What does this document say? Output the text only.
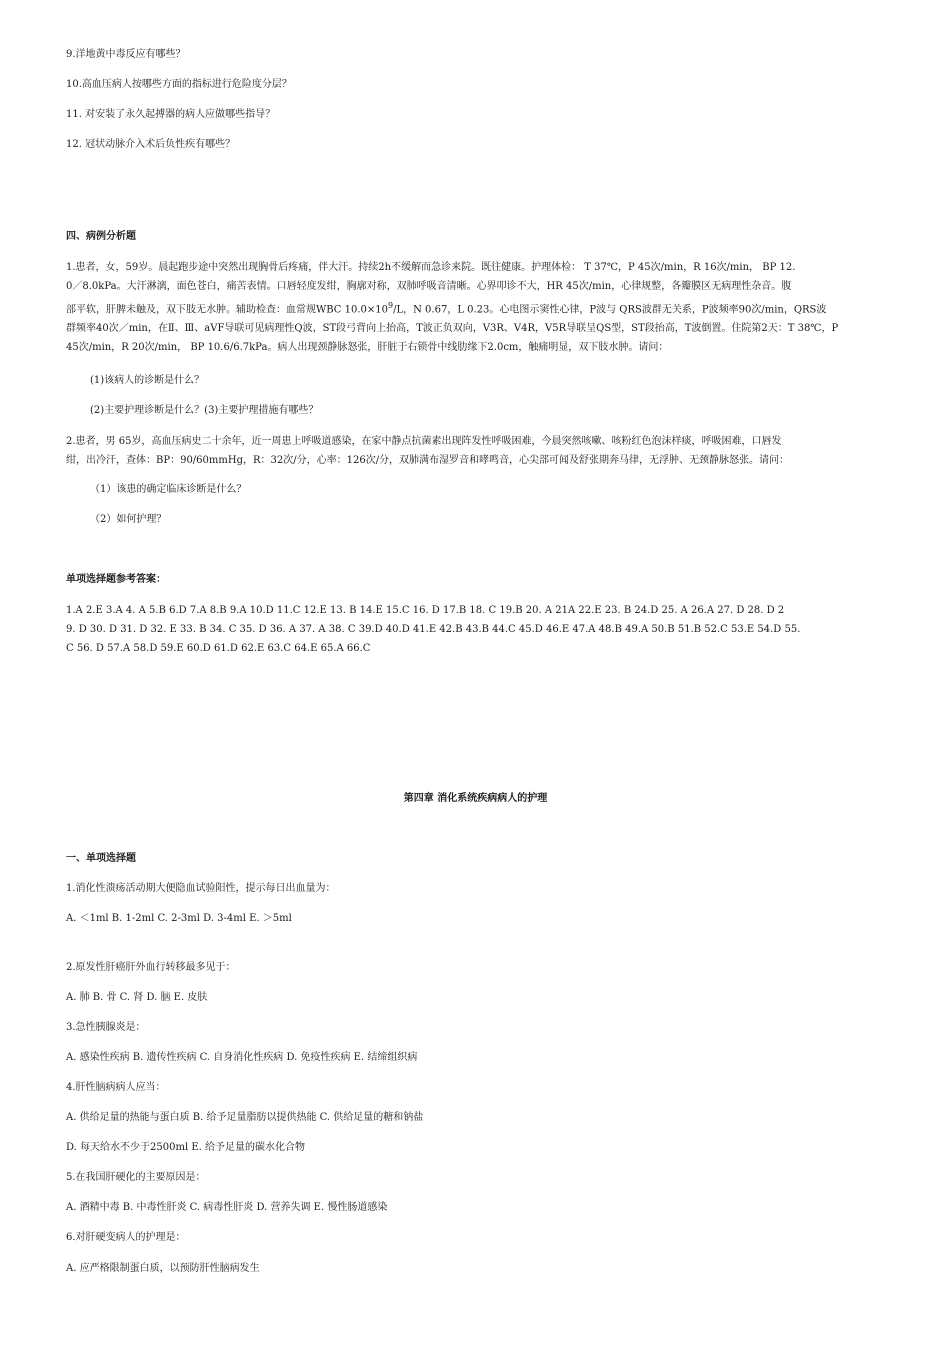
9.洋地黄中毒反应有哪些？
10.高血压病人按哪些方面的指标进行危险度分层？
11. 对安装了永久起搏器的病人应做哪些指导？
12. 冠状动脉介入术后负性疾有哪些？
四、病例分析题
1.患者，女，59岁。晨起跑步途中突然出现胸骨后疼痛，伴大汗。持续2h不缓解而急诊来院。既往健康。护理体检： T 37℃，P 45次/min，R 16次/min， BP 12.
0／8.0kPa。大汗淋漓，面色苍白，痛苦表情。口唇轻度发绀，胸廓对称，双肺呼吸音清晰。心界叩诊不大，HR 45次/min，心律规整，各瓣膜区无病理性杂音。腹
部平软，肝脾未触及，双下肢无水肿。辅助检查：血常规WBC $10.0\times 10^9/L$，N 0.67，L 0.23。心电图示窦性心律，P波与 QRS波群无关系，P波频率90次/min，QRS波
群频率40次／min，在Ⅱ、Ⅲ、aVF导联可见病理性Q波，ST段弓背向上抬高，T波正负双向，V3R、V4R，V5R导联呈QS型，ST段抬高，T波倒置。住院第2天：T 38℃，P
45次/min，R 20次/min， BP 10.6/6.7kPa。病人出现颈静脉怒张，肝脏于右锁骨中线肋缘下2.0cm，触痛明显，双下肢水肿。请问：
(1)该病人的诊断是什么？
(2)主要护理诊断是什么？(3)主要护理措施有哪些？
2.患者，男 65岁，高血压病史二十余年，近一周患上呼吸道感染，在家中静点抗菌素出现阵发性呼吸困难，今晨突然咳嗽、咳粉红色泡沫样痰，呼吸困难，口唇发
绀，出冷汗，查体：BP：90/60mmHg，R：32次/分，心率：126次/分，双肺满布湿罗音和哮鸣音，心尖部可闻及舒张期奔马律，无浮肿、无颈静脉怒张。请问：
（1）该患的确定临床诊断是什么？
（2）如何护理？
单项选择题参考答案：
1.A 2.E 3.A 4. A 5.B 6.D 7.A 8.B 9.A 10.D 11.C 12.E 13. B 14.E 15.C 16. D 17.B 18. C 19.B 20. A 21A 22.E 23. B 24.D 25. A 26.A 27. D 28. D 2
9. D 30. D 31. D 32. E 33. B 34. C 35. D 36. A 37. A 38. C 39.D 40.D 41.E 42.B 43.B 44.C 45.D 46.E 47.A 48.B 49.A 50.B 51.B 52.C 53.E 54.D 55.
C 56. D 57.A 58.D 59.E 60.D 61.D 62.E 63.C 64.E 65.A 66.C
第四章 消化系统疾病病人的护理
一、单项选择题
1.消化性溃疡活动期大便隐血试验阳性，提示每日出血量为：
A. ＜1ml B. 1-2ml C. 2-3ml D. 3-4ml E. ＞5ml
2.原发性肝癌肝外血行转移最多见于：
A. 肺 B. 骨 C. 肾 D. 脑 E. 皮肤
3.急性胰腺炎是：
A. 感染性疾病 B. 遗传性疾病 C. 自身消化性疾病 D. 免疫性疾病 E. 结缔组织病
4.肝性脑病病人应当：
A. 供给足量的热能与蛋白质 B. 给予足量脂肪以提供热能 C. 供给足量的糖和钠盐
D. 每天给水不少于2500ml E. 给予足量的碳水化合物
5.在我国肝硬化的主要原因是：
A. 酒精中毒 B. 中毒性肝炎 C. 病毒性肝炎 D. 营养失调 E. 慢性肠道感染
6.对肝硬变病人的护理是：
A. 应严格限制蛋白质，以预防肝性脑病发生
